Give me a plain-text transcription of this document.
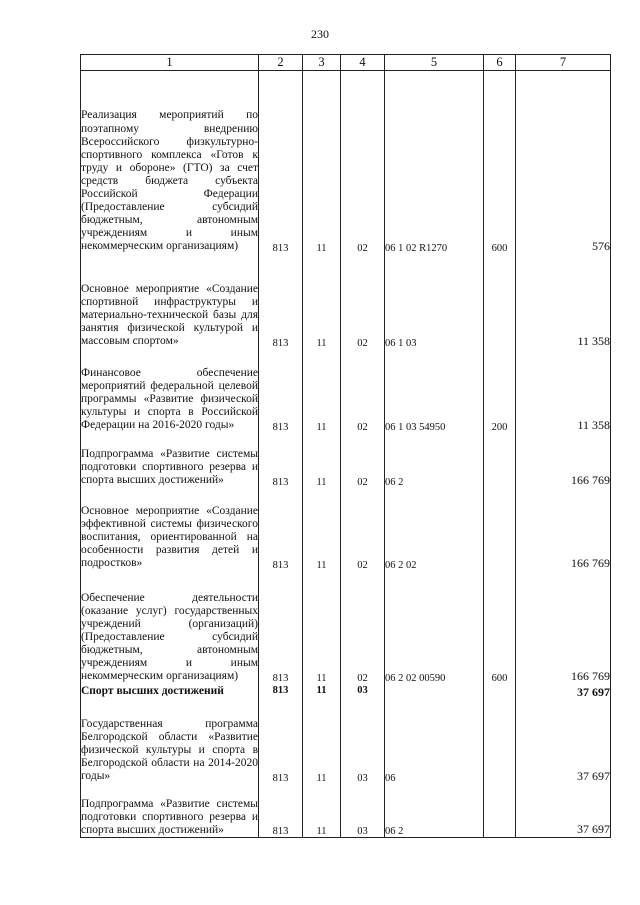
230
1	2	3	4	5	6	7
Реализация мероприятий по поэтапному внедрению Всероссийского физкультурно-спортивного комплекса «Готов к труду и обороне» (ГТО) за счет средств бюджета субъекта Российской Федерации (Предоставление субсидий бюджетным, автономным учреждениям и иным некоммерческим организациям)	813	11	02	06 1 02 R1270	600	576
Основное мероприятие «Создание спортивной инфраструктуры и материально-технической базы для занятия физической культурой и массовым спортом»	813	11	02	06 1 03		11 358
Финансовое обеспечение мероприятий федеральной целевой программы «Развитие физической культуры и спорта в Российской Федерации на 2016-2020 годы»	813	11	02	06 1 03 54950	200	11 358
Подпрограмма «Развитие системы подготовки спортивного резерва и спорта высших достижений»	813	11	02	06 2		166 769
Основное мероприятие «Создание эффективной системы физического воспитания, ориентированной на особенности развития детей и подростков»	813	11	02	06 2 02		166 769
Обеспечение деятельности (оказание услуг) государственных учреждений (организаций) (Предоставление субсидий бюджетным, автономным учреждениям и иным некоммерческим организациям)	813	11	02	06 2 02 00590	600	166 769
Спорт высших достижений	813	11	03			37 697
Государственная программа Белгородской области «Развитие физической культуры и спорта в Белгородской области на 2014-2020 годы»	813	11	03	06		37 697
Подпрограмма «Развитие системы подготовки спортивного резерва и спорта высших достижений»	813	11	03	06 2		37 697
